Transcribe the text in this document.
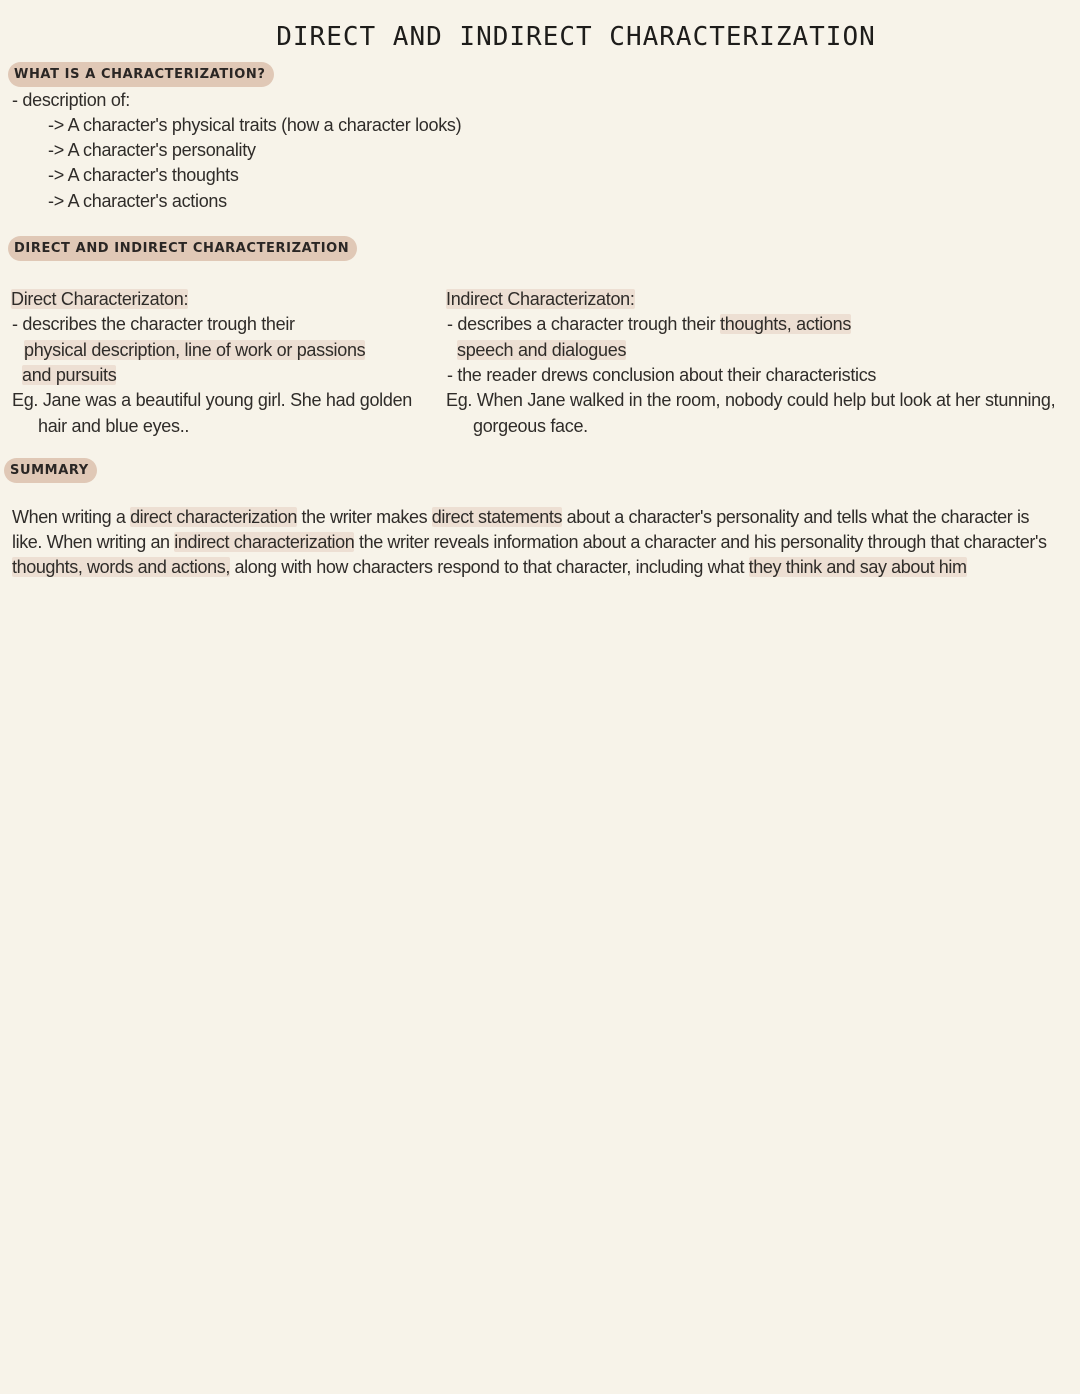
DIRECT AND INDIRECT CHARACTERIZATION
WHAT IS A CHARACTERIZATION?
- description of:
-> A character's physical traits (how a character looks)
-> A character's personality
-> A character's thoughts
-> A character's actions
DIRECT AND INDIRECT CHARACTERIZATION
Direct Characterizaton:
- describes the character trough their
physical description, line of work or passions
and pursuits
Eg. Jane was a beautiful young girl. She had golden
hair and blue eyes..
Indirect Characterizaton:
- describes a character trough their thoughts, actions
speech and dialogues
- the reader drews conclusion about their characteristics
Eg. When Jane walked in the room, nobody could help but look at her stunning,
gorgeous face.
SUMMARY
When writing a direct characterization the writer makes direct statements about a character's personality and tells what the character is like. When writing an indirect characterization the writer reveals information about a character and his personality through that character's thoughts, words and actions, along with how characters respond to that character, including what they think and say about him
